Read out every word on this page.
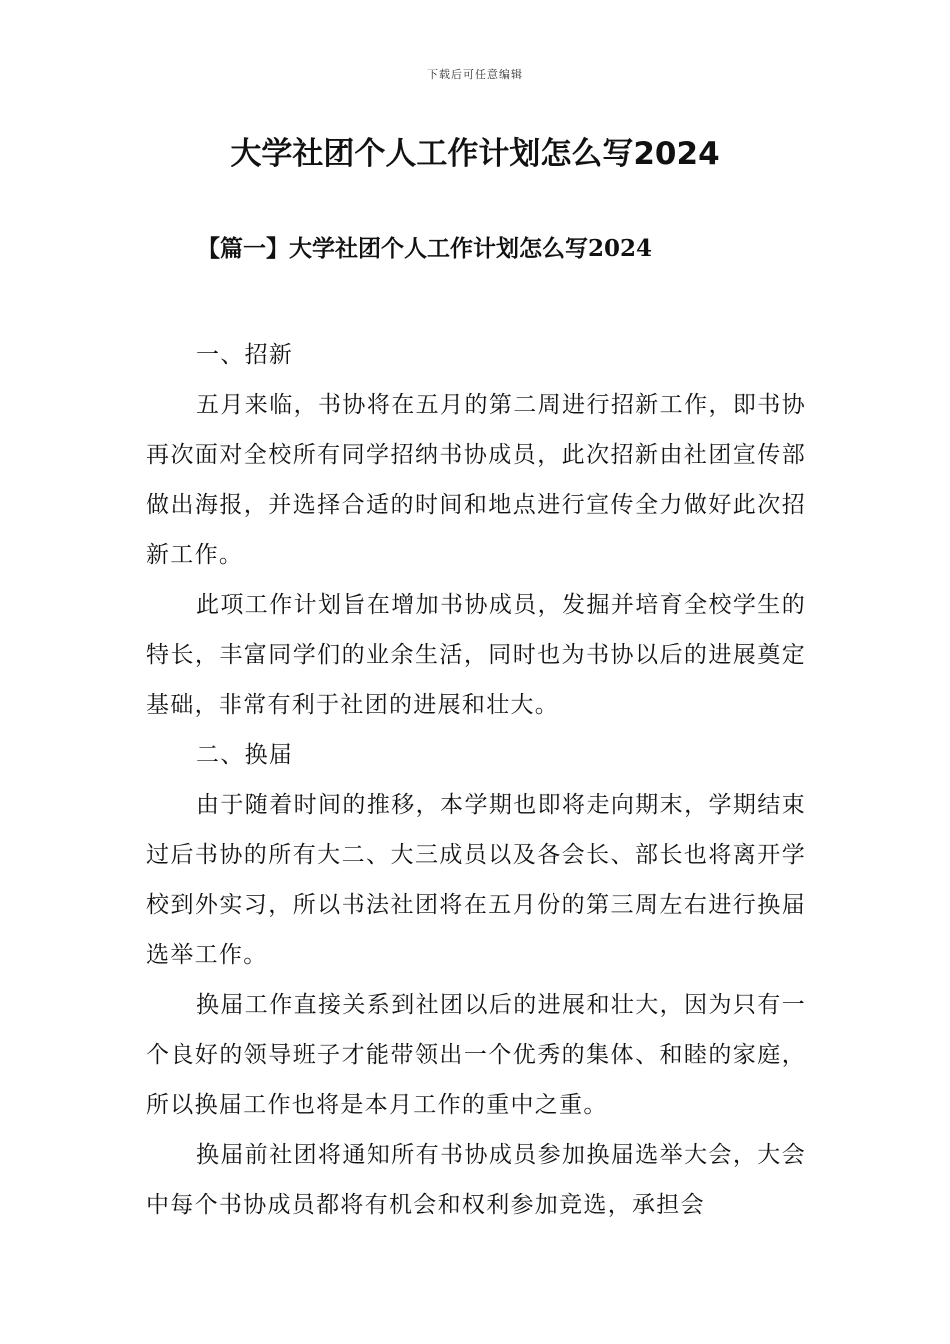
下载后可任意编辑
大学社团个人工作计划怎么写2024
【篇一】大学社团个人工作计划怎么写2024

一、招新

五月来临，书协将在五月的第二周进行招新工作，即书协再次面对全校所有同学招纳书协成员，此次招新由社团宣传部做出海报，并选择合适的时间和地点进行宣传全力做好此次招新工作。

此项工作计划旨在增加书协成员，发掘并培育全校学生的特长，丰富同学们的业余生活，同时也为书协以后的进展奠定基础，非常有利于社团的进展和壮大。

二、换届

由于随着时间的推移，本学期也即将走向期末，学期结束过后书协的所有大二、大三成员以及各会长、部长也将离开学校到外实习，所以书法社团将在五月份的第三周左右进行换届选举工作。

换届工作直接关系到社团以后的进展和壮大，因为只有一个良好的领导班子才能带领出一个优秀的集体、和睦的家庭，所以换届工作也将是本月工作的重中之重。

换届前社团将通知所有书协成员参加换届选举大会，大会中每个书协成员都将有机会和权利参加竞选，承担会
